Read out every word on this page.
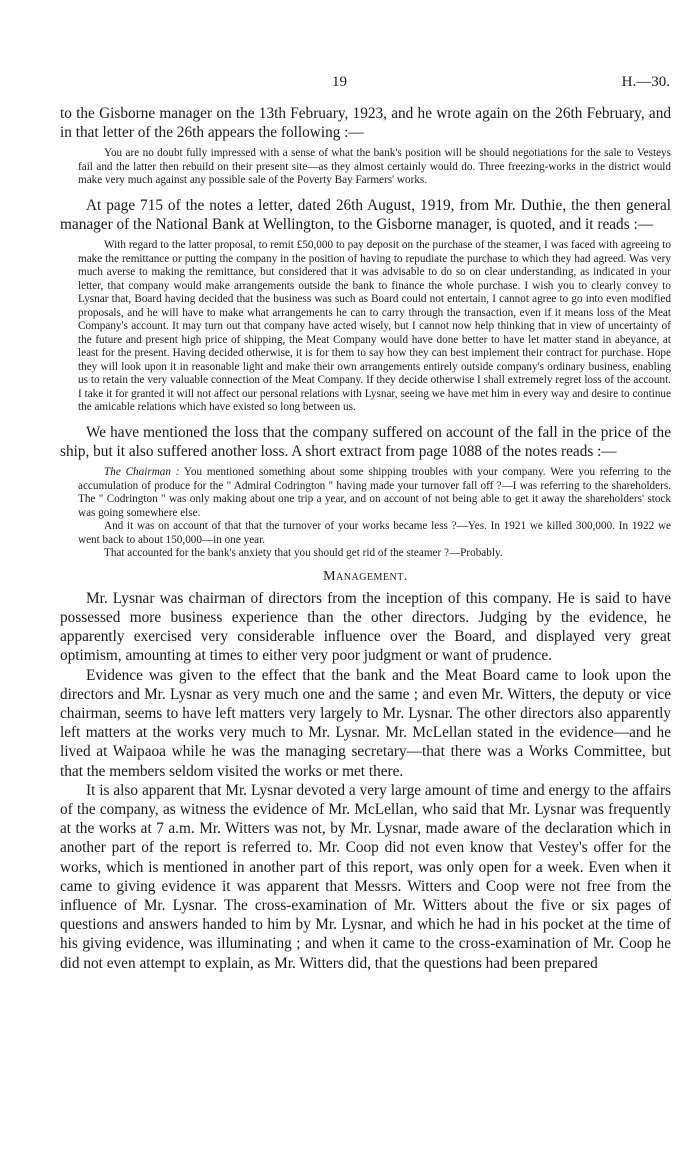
19	H.—30.

to the Gisborne manager on the 13th February, 1923, and he wrote again on the 26th February, and in that letter of the 26th appears the following :—

You are no doubt fully impressed with a sense of what the bank's position will be should negotiations for the sale to Vesteys fail and the latter then rebuild on their present site—as they almost certainly would do. Three freezing-works in the district would make very much against any possible sale of the Poverty Bay Farmers' works.

At page 715 of the notes a letter, dated 26th August, 1919, from Mr. Duthie, the then general manager of the National Bank at Wellington, to the Gisborne manager, is quoted, and it reads :—

With regard to the latter proposal, to remit £50,000 to pay deposit on the purchase of the steamer, I was faced with agreeing to make the remittance or putting the company in the position of having to repudiate the purchase to which they had agreed. Was very much averse to making the remittance, but considered that it was advisable to do so on clear understanding, as indicated in your letter, that company would make arrangements outside the bank to finance the whole purchase. I wish you to clearly convey to Lysnar that, Board having decided that the business was such as Board could not entertain, I cannot agree to go into even modified proposals, and he will have to make what arrangements he can to carry through the transaction, even if it means loss of the Meat Company's account. It may turn out that company have acted wisely, but I cannot now help thinking that in view of uncertainty of the future and present high price of shipping, the Meat Company would have done better to have let matter stand in abeyance, at least for the present. Having decided otherwise, it is for them to say how they can best implement their contract for purchase. Hope they will look upon it in reasonable light and make their own arrangements entirely outside company's ordinary business, enabling us to retain the very valuable connection of the Meat Company. If they decide otherwise I shall extremely regret loss of the account. I take it for granted it will not affect our personal relations with Lysnar, seeing we have met him in every way and desire to continue the amicable relations which have existed so long between us.

We have mentioned the loss that the company suffered on account of the fall in the price of the ship, but it also suffered another loss. A short extract from page 1088 of the notes reads :—

The Chairman : You mentioned something about some shipping troubles with your company. Were you referring to the accumulation of produce for the " Admiral Codrington " having made your turnover fall off ?—I was referring to the shareholders. The " Codrington " was only making about one trip a year, and on account of not being able to get it away the shareholders' stock was going somewhere else.

And it was on account of that that the turnover of your works became less ?—Yes. In 1921 we killed 300,000. In 1922 we went back to about 150,000—in one year.

That accounted for the bank's anxiety that you should get rid of the steamer ?—Probably.

Management.

Mr. Lysnar was chairman of directors from the inception of this company. He is said to have possessed more business experience than the other directors. Judging by the evidence, he apparently exercised very considerable influence over the Board, and displayed very great optimism, amounting at times to either very poor judgment or want of prudence.

Evidence was given to the effect that the bank and the Meat Board came to look upon the directors and Mr. Lysnar as very much one and the same ; and even Mr. Witters, the deputy or vice chairman, seems to have left matters very largely to Mr. Lysnar. The other directors also apparently left matters at the works very much to Mr. Lysnar. Mr. McLellan stated in the evidence—and he lived at Waipaoa while he was the managing secretary—that there was a Works Committee, but that the members seldom visited the works or met there.

It is also apparent that Mr. Lysnar devoted a very large amount of time and energy to the affairs of the company, as witness the evidence of Mr. McLellan, who said that Mr. Lysnar was frequently at the works at 7 a.m. Mr. Witters was not, by Mr. Lysnar, made aware of the declaration which in another part of the report is referred to. Mr. Coop did not even know that Vestey's offer for the works, which is mentioned in another part of this report, was only open for a week. Even when it came to giving evidence it was apparent that Messrs. Witters and Coop were not free from the influence of Mr. Lysnar. The cross-examination of Mr. Witters about the five or six pages of questions and answers handed to him by Mr. Lysnar, and which he had in his pocket at the time of his giving evidence, was illuminating ; and when it came to the cross-examination of Mr. Coop he did not even attempt to explain, as Mr. Witters did, that the questions had been prepared
